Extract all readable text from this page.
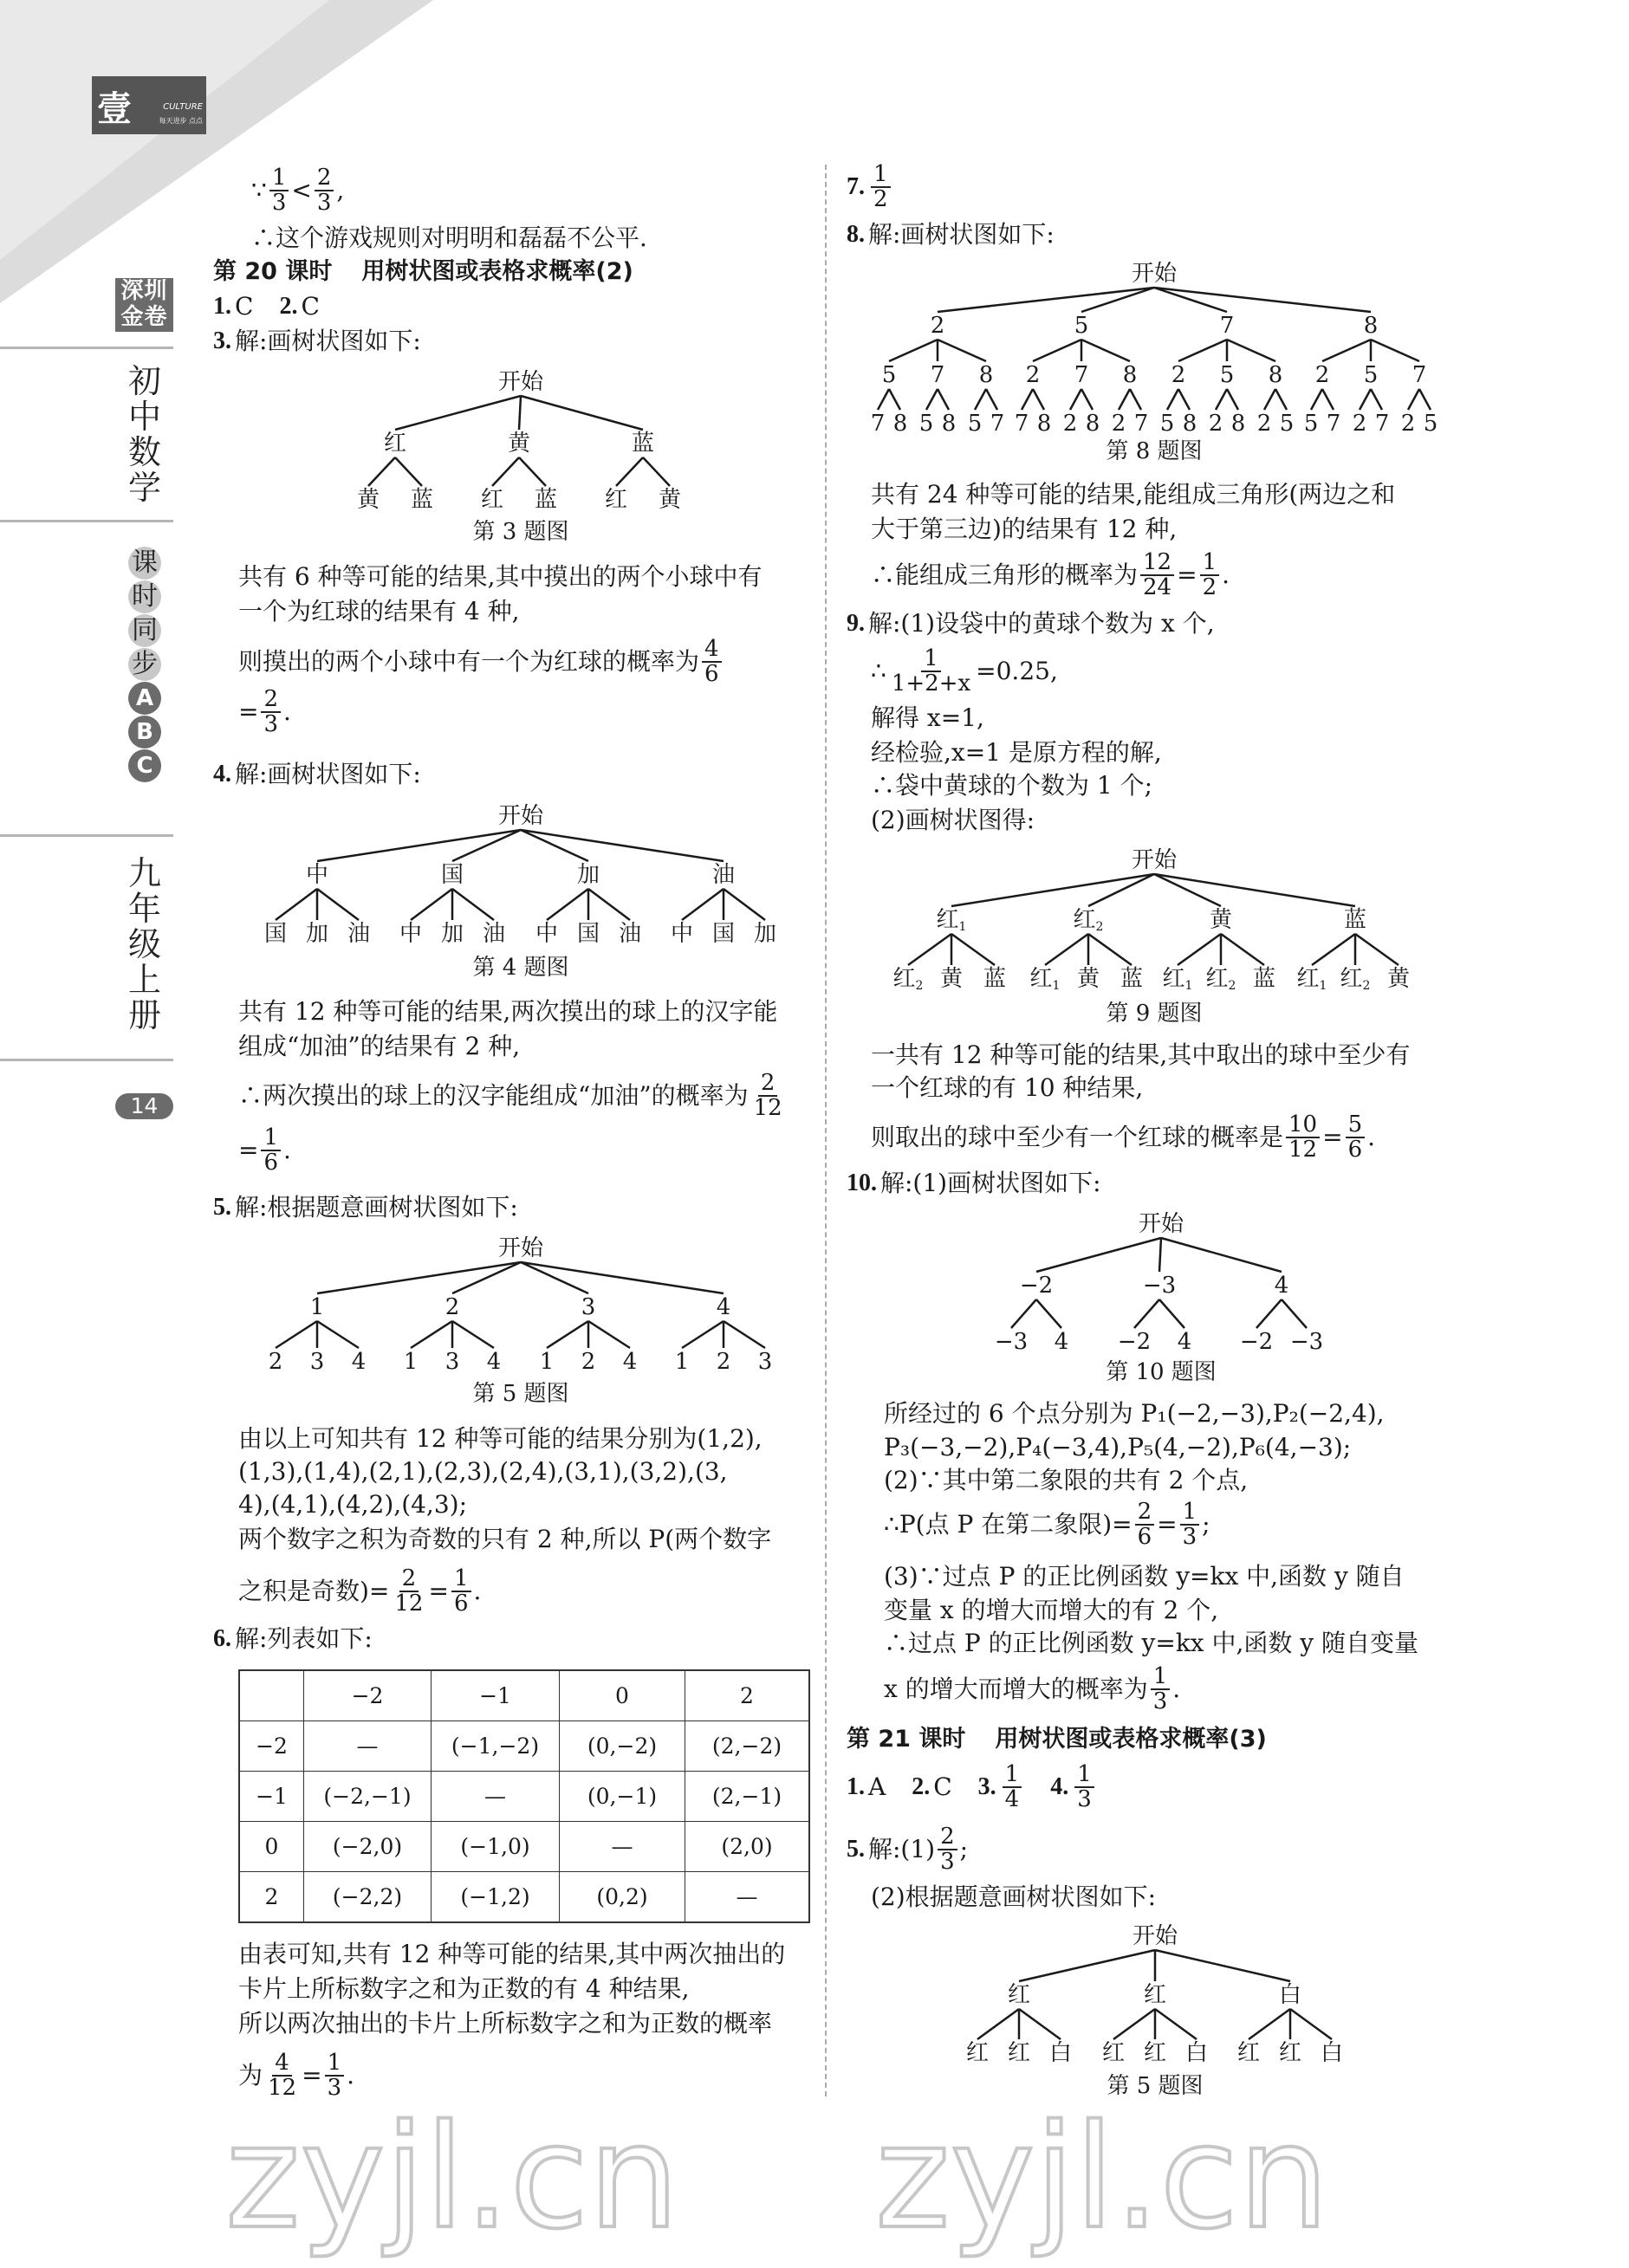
壹	CULTURE
每天进步 点点
深圳金卷
初
中
数
学
课
时
同
步
A
B
C
九
年
级
上
册
14
∵ $\frac{1}{3} < \frac{2}{3}$ ,
∴这个游戏规则对明明和磊磊不公平.
第 20 课时 用树状图或表格求概率(2)
1. C 2. C
3. 解:画树状图如下:
共有 6 种等可能的结果,其中摸出的两个小球中有
一个为红球的结果有 4 种,
则摸出的两个小球中有一个为红球的概率为 $\frac{4}{6}$
= $\frac{2}{3}$ .
4. 解:画树状图如下:
共有 12 种等可能的结果,两次摸出的球上的汉字能
组成“加油”的结果有 2 种,
∴两次摸出的球上的汉字能组成“加油”的概率为 $\frac{2}{12}$
= $\frac{1}{6}$ .
5. 解:根据题意画树状图如下:
由以上可知共有 12 种等可能的结果分别为(1,2),
(1,3),(1,4),(2,1),(2,3),(2,4),(3,1),(3,2),(3,
4),(4,1),(4,2),(4,3);
两个数字之积为奇数的只有 2 种,所以 P(两个数字
之积是奇数)= $\frac{2}{12} = \frac{1}{6}$ .
6. 解:列表如下:
	−2	−1	0	2
−2	—	(−1,−2)	(0,−2)	(2,−2)
−1	(−2,−1)	—	(0,−1)	(2,−1)
0	(−2,0)	(−1,0)	—	(2,0)
2	(−2,2)	(−1,2)	(0,2)	—
由表可知,共有 12 种等可能的结果,其中两次抽出的
卡片上所标数字之和为正数的有 4 种结果,
所以两次抽出的卡片上所标数字之和为正数的概率
为 $\frac{4}{12} = \frac{1}{3}$ .
7. $\frac{1}{2}$
8. 解:画树状图如下:
共有 24 种等可能的结果,能组成三角形(两边之和
大于第三边)的结果有 12 种,
∴能组成三角形的概率为 $\frac{12}{24} = \frac{1}{2}$ .
9. 解:(1)设袋中的黄球个数为 x 个,
∴ $\frac{1}{1+2+x} =0.25$,
解得 x=1,
经检验,x=1 是原方程的解,
∴袋中黄球的个数为 1 个;
(2)画树状图得:
一共有 12 种等可能的结果,其中取出的球中至少有
一个红球的有 10 种结果,
则取出的球中至少有一个红球的概率是 $\frac{10}{12} = \frac{5}{6}$ .
10. 解:(1)画树状图如下:
所经过的 6 个点分别为 P₁(−2,−3),P₂(−2,4),
P₃(−3,−2),P₄(−3,4),P₅(4,−2),P₆(4,−3);
(2)∵其中第二象限的共有 2 个点,
∴P(点 P 在第二象限)= $\frac{2}{6} = \frac{1}{3}$ ;
(3)∵过点 P 的正比例函数 y=kx 中,函数 y 随自
变量 x 的增大而增大的有 2 个,
∴过点 P 的正比例函数 y=kx 中,函数 y 随自变量
x 的增大而增大的概率为 $\frac{1}{3}$ .
第 21 课时 用树状图或表格求概率(3)
1. A 2. C 3. $\frac{1}{4} 4$. $\frac{1}{3}$
5. 解:(1) $\frac{2}{3}$ ;
(2)根据题意画树状图如下:
开始
红
黄 蓝
黄
红 蓝
蓝
红 黄
第 3 题图
开始
中
国 加 油
国
中 加 油
加
中 国 油
油
中 国 加
第 4 题图
开始
1
2 3 4
2
1 3 4
3
1 2 4
4
1 2 3
第 5 题图
开始
2
5
7 8
7
5 8
8
5 7
5
2
7 8
7
2 8
8
2 7
7
2
5 8
5
2 8
8
2 5
8
2
5 7
5
2 7
7
2 5
第 8 题图
开始
红$_1$
红$_2$ 黄 蓝
红$_2$
红$_1$ 黄 蓝
黄
红$_1$ 红$_2$ 蓝
蓝
红$_1$ 红$_2$ 黄
第 9 题图
开始
−2
−3 4
−3
−2 4
4
−2 −3
第 10 题图
开始
红
红 红 白
红
红 红 白
白
红 红 白
第 5 题图
zyjl.cn zyjl.cn
